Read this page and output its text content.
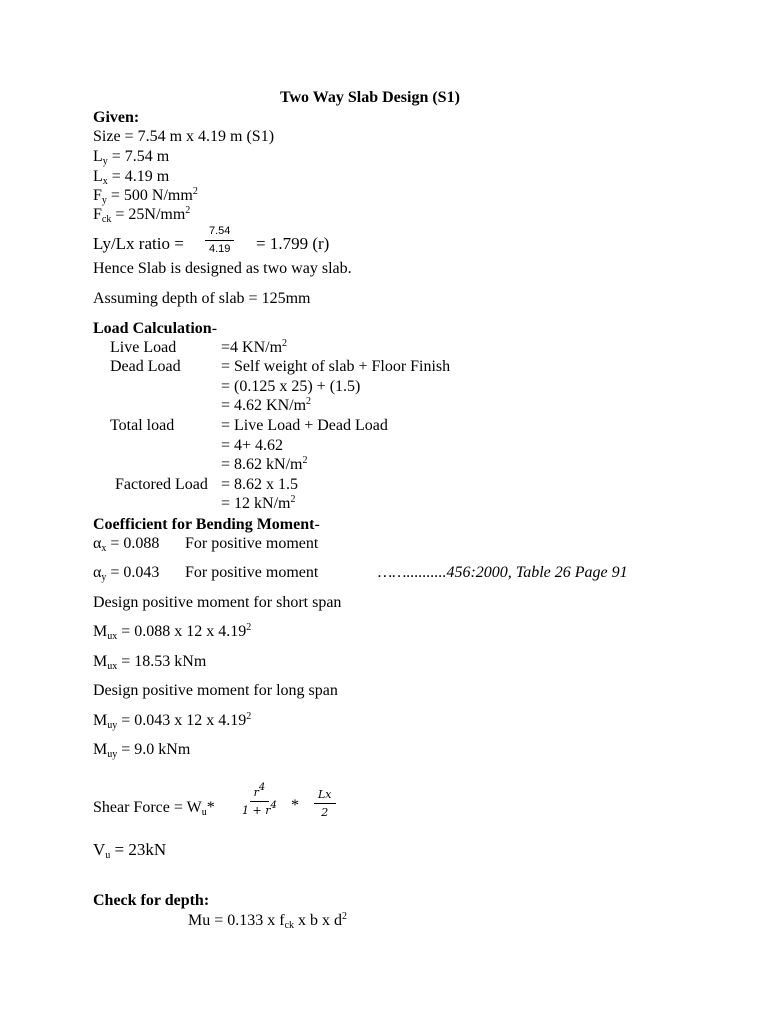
Two Way Slab Design (S1)
Given:
Size = 7.54 m x 4.19 m (S1)
$L_y = 7.54$ m
$L_x = 4.19$ m
$F_y = 500$ $N/mm^2$
$F_{ck} = 25N/mm^2$
Ly/Lx ratio = $\frac{7.54}{4.19} = 1.799$ (r)
Hence Slab is designed as two way slab.
Assuming depth of slab = 125mm
Load Calculation-
Live Load	=4 $KN/m^2$
Dead Load	= Self weight of slab + Floor Finish
= (0.125 x 25) + (1.5)
= 4.62 $KN/m^2$
Total load	= Live Load + Dead Load
= 4+ 4.62
= 8.62 $kN/m^2$
Factored Load = 8.62 x 1.5
= 12 $kN/m^2$
Coefficient for Bending Moment-
$\alpha_x = 0.088$ For positive moment
$\alpha_y = 0.043$ For positive moment	……..........456:2000, Table 26 Page 91
Design positive moment for short span
$M_{ux} = 0.088$ x 12 x 4.19$^2$
$M_{ux} = 18.53$ kNm
Design positive moment for long span
$M_{uy} = 0.043$ x 12 x 4.19$^2$
$M_{uy} = 9.0$ kNm
Shear Force = $W_u* \frac{r^4}{1 + r^4} * \frac{Lx}{2}$
$V_u = 23kN$
Check for depth:
Mu = 0.133 x $f_{ck}$ x b x $d^2$
